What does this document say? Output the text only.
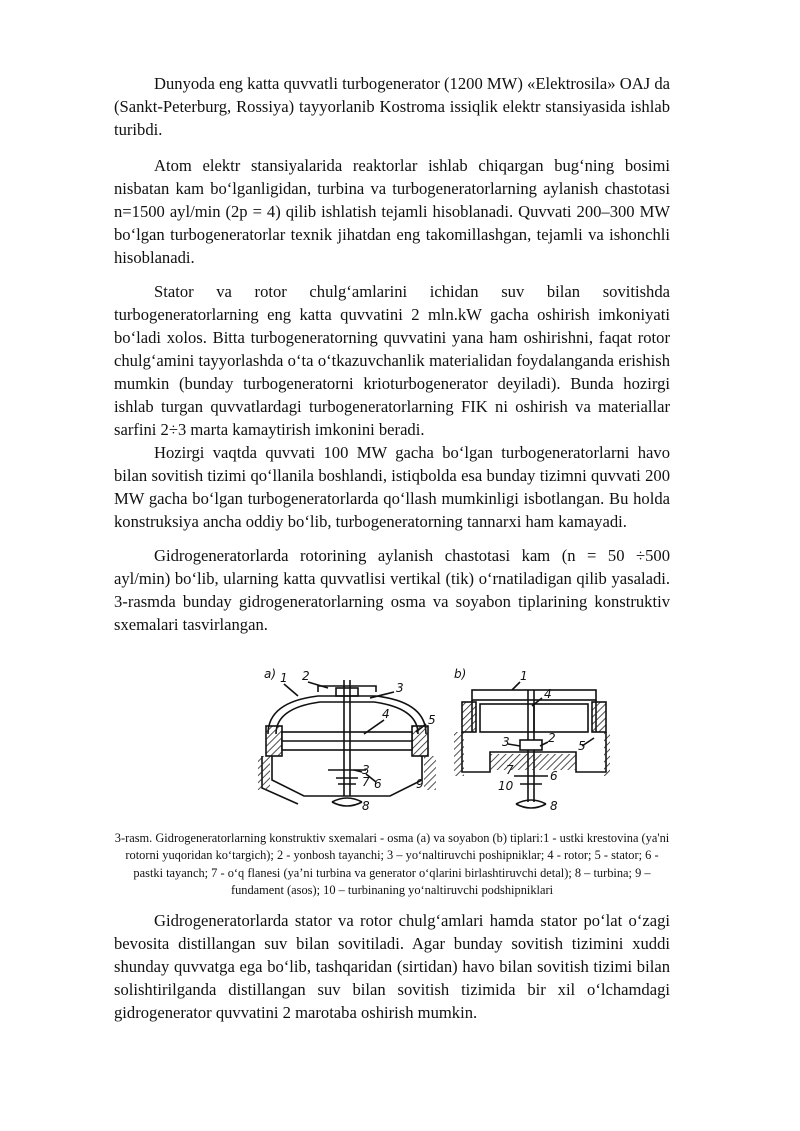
Dunyoda eng katta quvvatli turbogenerator (1200 MW) «Elektrosila» OAJ da (Sankt-Peterburg, Rossiya) tayyorlanib Kostroma issiqlik elektr stansiyasida ishlab turibdi.

Atom elektr stansiyalarida reaktorlar ishlab chiqargan bug‘ning bosimi nisbatan kam bo‘lganligidan, turbina va turbogeneratorlarning aylanish chastotasi n=1500 ayl/min (2p = 4) qilib ishlatish tejamli hisoblanadi. Quvvati 200–300 MW bo‘lgan turbogeneratorlar texnik jihatdan eng takomillashgan, tejamli va ishonchli hisoblanadi.

Stator va rotor chulg‘amlarini ichidan suv bilan sovitishda turbogeneratorlarning eng katta quvvatini 2 mln.kW gacha oshirish imkoniyati bo‘ladi xolos. Bitta turbogeneratorning quvvatini yana ham oshirishni, faqat rotor chulg‘amini tayyorlashda o‘ta o‘tkazuvchanlik materialidan foydalanganda erishish mumkin (bunday turbogeneratorni krioturbogenerator deyiladi). Bunda hozirgi ishlab turgan quvvatlardagi turbogeneratorlarning FIK ni oshirish va materiallar sarfini 2÷3 marta kamaytirish imkonini beradi.

Hozirgi vaqtda quvvati 100 MW gacha bo‘lgan turbogeneratorlarni havo bilan sovitish tizimi qo‘llanila boshlandi, istiqbolda esa bunday tizimni quvvati 200 MW gacha bo‘lgan turbogeneratorlarda qo‘llash mumkinligi isbotlangan. Bu holda konstruksiya ancha oddiy bo‘lib, turbogeneratorning tannarxi ham kamayadi.

Gidrogeneratorlarda rotorining aylanish chastotasi kam (n = 50 ÷500 ayl/min) bo‘lib, ularning katta quvvatlisi vertikal (tik) o‘rnatiladigan qilib yasaladi. 3-rasmda bunday gidrogeneratorlarning osma va soyabon tiplarining konstruktiv sxemalari tasvirlangan.

a) 1 2
3
4	5
6
7
8
9
3
b)	1
4
2
3	5
7	6
10
8

3-rasm. Gidrogeneratorlarning konstruktiv sxemalari - osma (a) va soyabon (b) tiplari:1 - ustki krestovina (ya'ni rotorni yuqoridan ko‘targich); 2 - yonbosh tayanchi; 3 – yo‘naltiruvchi poshipniklar; 4 - rotor; 5 - stator; 6 - pastki tayanch; 7 - o‘q flanesi (ya’ni turbina va generator o‘qlarini birlashtiruvchi detal); 8 – turbina; 9 – fundament (asos); 10 – turbinaning yo‘naltiruvchi podshipniklari

Gidrogeneratorlarda stator va rotor chulg‘amlari hamda stator po‘lat o‘zagi bevosita distillangan suv bilan sovitiladi. Agar bunday sovitish tizimini xuddi shunday quvvatga ega bo‘lib, tashqaridan (sirtidan) havo bilan sovitish tizimi bilan solishtirilganda distillangan suv bilan sovitish tizimida bir xil o‘lchamdagi gidrogenerator quvvatini 2 marotaba oshirish mumkin.
